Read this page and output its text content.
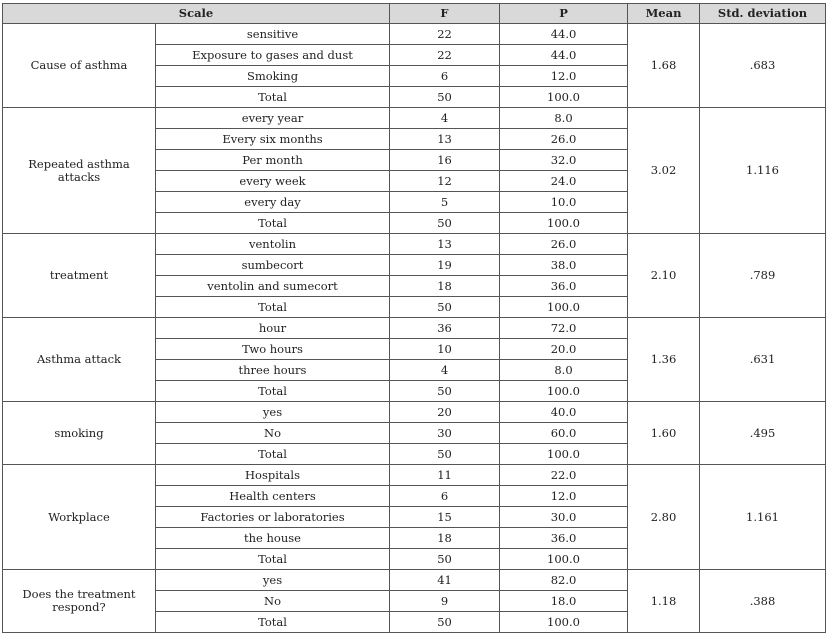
Scale		F	P	Mean	Std. deviation
Cause of asthma	sensitive	22	44.0	1.68	.683
	Exposure to gases and dust	22	44.0		
	Smoking	6	12.0		
	Total	50	100.0		
Repeated asthma attacks	every year	4	8.0	3.02	1.116
	Every six months	13	26.0		
	Per month	16	32.0		
	every week	12	24.0		
	every day	5	10.0		
	Total	50	100.0		
treatment	ventolin	13	26.0	2.10	.789
	sumbecort	19	38.0		
	ventolin and sumecort	18	36.0		
	Total	50	100.0		
Asthma attack	hour	36	72.0	1.36	.631
	Two hours	10	20.0		
	three hours	4	8.0		
	Total	50	100.0		
smoking	yes	20	40.0	1.60	.495
	No	30	60.0		
	Total	50	100.0		
Workplace	Hospitals	11	22.0	2.80	1.161
	Health centers	6	12.0		
	Factories or laboratories	15	30.0		
	the house	18	36.0		
	Total	50	100.0		
Does the treatment respond?	yes	41	82.0	1.18	.388
	No	9	18.0		
	Total	50	100.0		
